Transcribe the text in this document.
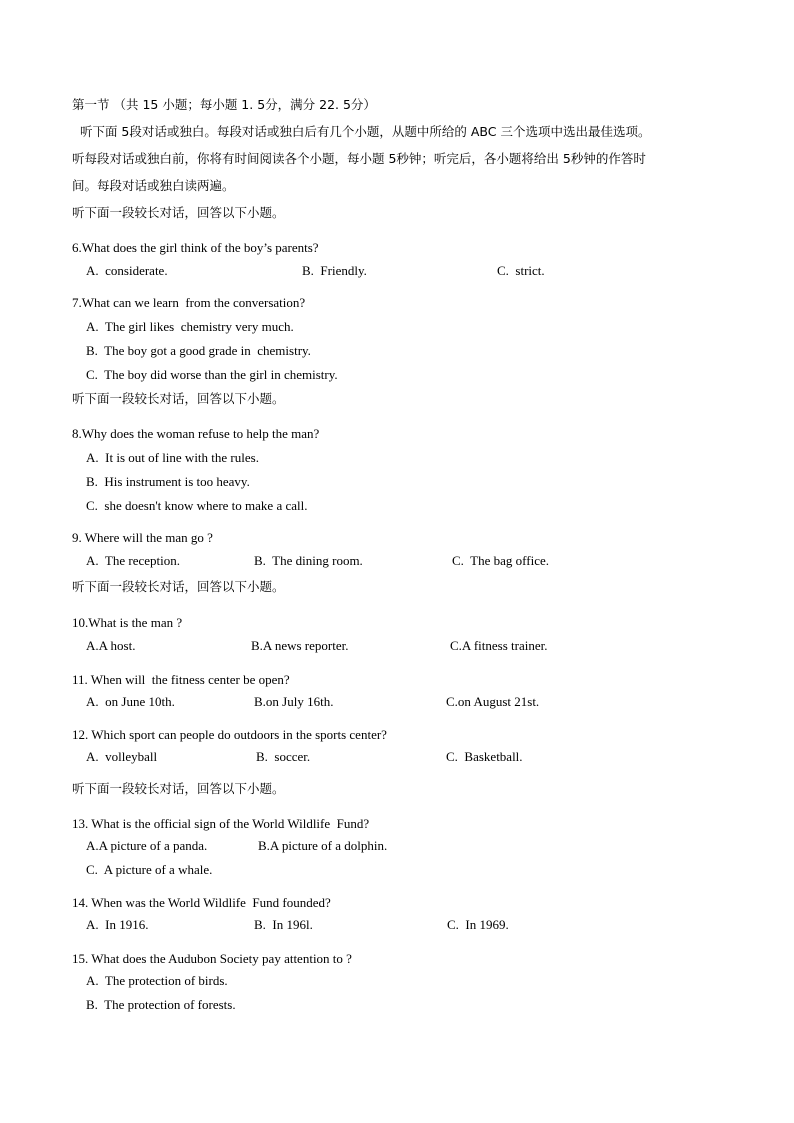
第一节 （共 15 小题；每小题 1. 5分，满分 22. 5分）
听下面 5段对话或独白。每段对话或独白后有几个小题，从题中所给的 ABC 三个选项中选出最佳选项。
听每段对话或独白前，你将有时间阅读各个小题，每小题 5秒钟；听完后，各小题将给出 5秒钟的作答时
间。每段对话或独白读两遍。
听下面一段较长对话，回答以下小题。
6.What does the girl think of the boy’s parents?
A.  considerate.	B.  Friendly.	C.  strict.
7.What can we learn  from the conversation?
A.  The girl likes  chemistry very much.
B.  The boy got a good grade in  chemistry.
C.  The boy did worse than the girl in chemistry.
听下面一段较长对话，回答以下小题。
8.Why does the woman refuse to help the man?
A.  It is out of line with the rules.
B.  His instrument is too heavy.
C.  she doesn't know where to make a call.
9. Where will the man go ?
A.  The reception.	B.  The dining room.	C.  The bag office.
听下面一段较长对话，回答以下小题。
10.What is the man ?
A.A host.	B.A news reporter.	C.A fitness trainer.
11. When will  the fitness center be open?
A.  on June 10th.	B.on July 16th.	C.on August 21st.
12. Which sport can people do outdoors in the sports center?
A.  volleyball	B.  soccer.	C.  Basketball.
听下面一段较长对话，回答以下小题。
13. What is the official sign of the World Wildlife  Fund?
A.A picture of a panda.	B.A picture of a dolphin.
C.  A picture of a whale.
14. When was the World Wildlife  Fund founded?
A.  In 1916.	B.  In 196l.	C.  In 1969.
15. What does the Audubon Society pay attention to ?
A.  The protection of birds.
B.  The protection of forests.
